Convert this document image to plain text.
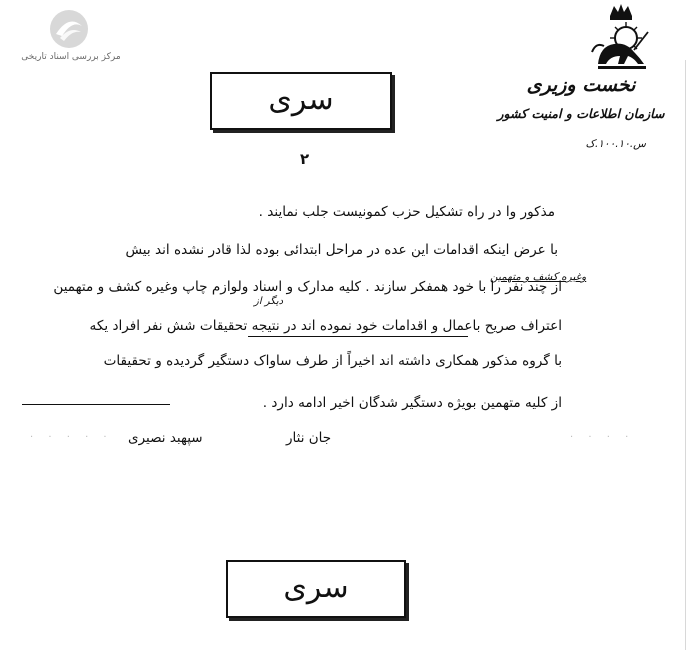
مرکز بررسی اسناد تاریخی
نخست وزیری
سازمان اطلاعات و امنیت کشور
س.۱۰۰.۱۰.ک
سری
۲
مذکور وا در راه تشکیل حزب کمونیست جلب نمایند .
با عرض اینکه اقدامات این عده در مراحل ابتدائی بوده لذا قادر نشده اند بیش
از چند نفر را با خود همفکر سازند . کلیه مدارک و اسناد ولوازم چاپ وغیره کشف و متهمین
اعتراف صریح باعمال و اقدامات خود نموده اند در نتیجه تحقیقات شش نفر افراد یکه
با گروه مذکور همکاری داشته اند اخیراً از طرف ساواک دستگیر گردیده و تحقیقات
از کلیه متهمین بویژه دستگیر شدگان اخیر ادامه دارد .
وغیره کشف و متهمین
دیگر از
جان نثار
سپهبد نصیری
· · · · ·	· · · ·
سری
